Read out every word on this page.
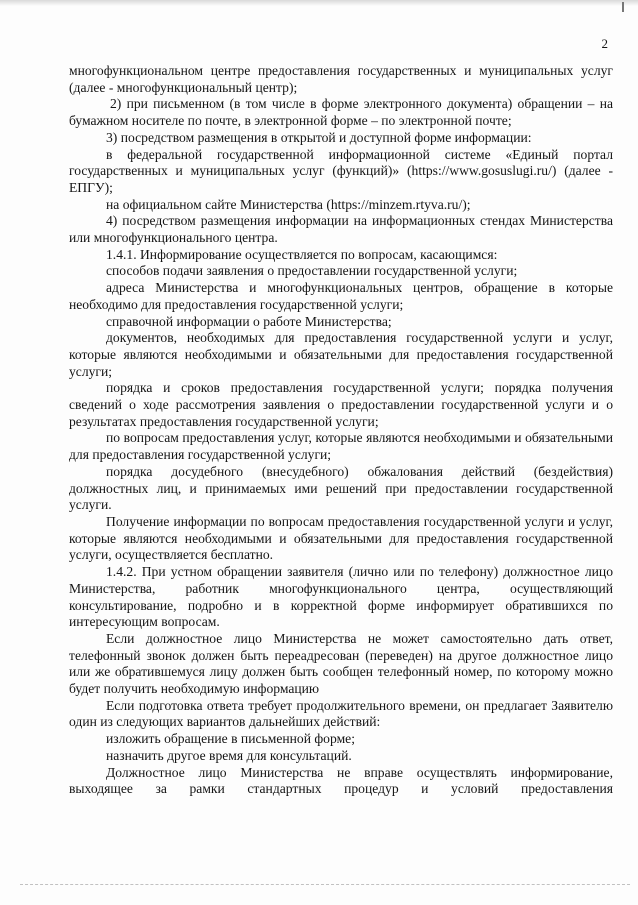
2

многофункциональном центре предоставления государственных и муниципальных услуг (далее - многофункциональный центр);

2) при письменном (в том числе в форме электронного документа) обращении – на бумажном носителе по почте, в электронной форме – по электронной почте;

3) посредством размещения в открытой и доступной форме информации:

в федеральной государственной информационной системе «Единый портал государственных и муниципальных услуг (функций)» (https://www.gosuslugi.ru/) (далее - ЕПГУ);

на официальном сайте Министерства (https://minzem.rtyva.ru/);

4) посредством размещения информации на информационных стендах Министерства или многофункционального центра.

1.4.1. Информирование осуществляется по вопросам, касающимся:

способов подачи заявления о предоставлении государственной услуги;

адреса Министерства и многофункциональных центров, обращение в которые необходимо для предоставления государственной услуги;

справочной информации о работе Министерства;

документов, необходимых для предоставления государственной услуги и услуг, которые являются необходимыми и обязательными для предоставления государственной услуги;

порядка и сроков предоставления государственной услуги; порядка получения сведений о ходе рассмотрения заявления о предоставлении государственной услуги и о результатах предоставления государственной услуги;

по вопросам предоставления услуг, которые являются необходимыми и обязательными для предоставления государственной услуги;

порядка досудебного (внесудебного) обжалования действий (бездействия) должностных лиц, и принимаемых ими решений при предоставлении государственной услуги.

Получение информации по вопросам предоставления государственной услуги и услуг, которые являются необходимыми и обязательными для предоставления государственной услуги, осуществляется бесплатно.

1.4.2. При устном обращении заявителя (лично или по телефону) должностное лицо Министерства, работник многофункционального центра, осуществляющий консультирование, подробно и в корректной форме информирует обратившихся по интересующим вопросам.

Если должностное лицо Министерства не может самостоятельно дать ответ, телефонный звонок должен быть переадресован (переведен) на другое должностное лицо или же обратившемуся лицу должен быть сообщен телефонный номер, по которому можно будет получить необходимую информацию

Если подготовка ответа требует продолжительного времени, он предлагает Заявителю один из следующих вариантов дальнейших действий:

изложить обращение в письменной форме;

назначить другое время для консультаций.

Должностное лицо Министерства не вправе осуществлять информирование, выходящее за рамки стандартных процедур и условий предоставления
